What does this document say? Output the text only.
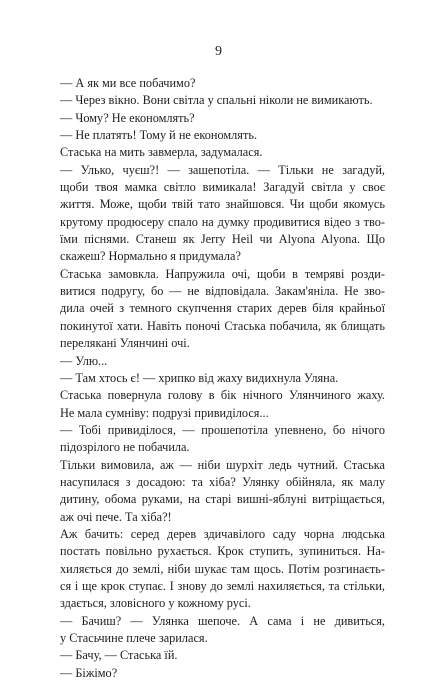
9
— А як ми все побачимо?
— Через вікно. Вони світла у спальні ніколи не вимикають.
— Чому? Не економлять?
— Не платять! Тому й не економлять.
Стаська на мить завмерла, задумалася.
— Улько, чуєш?! — зашепотіла. — Тільки не загадуй,
щоби твоя мамка світло вимикала! Загадуй світла у своє
життя. Може, щоби твій тато знайшовся. Чи щоби якомусь
крутому продюсеру спало на думку продивитися відео з тво-
їми піснями. Станеш як Jerry Heil чи Alyona Alyona. Що
скажеш? Нормально я придумала?
Стаська замовкла. Напружила очі, щоби в темряві розди-
витися подругу, бо — не відповідала. Закам'яніла. Не зво-
дила очей з темного скупчення старих дерев біля крайньої
покинутої хати. Навіть поночі Стаська побачила, як блищать
перелякані Улянчині очі.
— Улю...
— Там хтось є! — хрипко від жаху видихнула Уляна.
Стаська повернула голову в бік нічного Улянчиного жаху.
Не мала сумніву: подрузі привиділося...
— Тобі привиділося, — прошепотіла упевнено, бо нічого
підозрілого не побачила.
Тільки вимовила, аж — ніби шурхіт ледь чутний. Стаська
насупилася з досадою: та хіба? Улянку обійняла, як малу
дитину, обома руками, на старі вишні-яблуні витріщається,
аж очі пече. Та хіба?!
Аж бачить: серед дерев здичавілого саду чорна людська
постать повільно рухається. Крок ступить, зупиниться. На-
хиляється до землі, ніби шукає там щось. Потім розгинаєть-
ся і ще крок ступає. І знову до землі нахиляється, та стільки,
здається, зловісного у кожному русі.
— Бачиш? — Улянка шепоче. А сама і не дивиться,
у Стасьчине плече зарилася.
— Бачу, — Стаська їй.
— Біжімо?
